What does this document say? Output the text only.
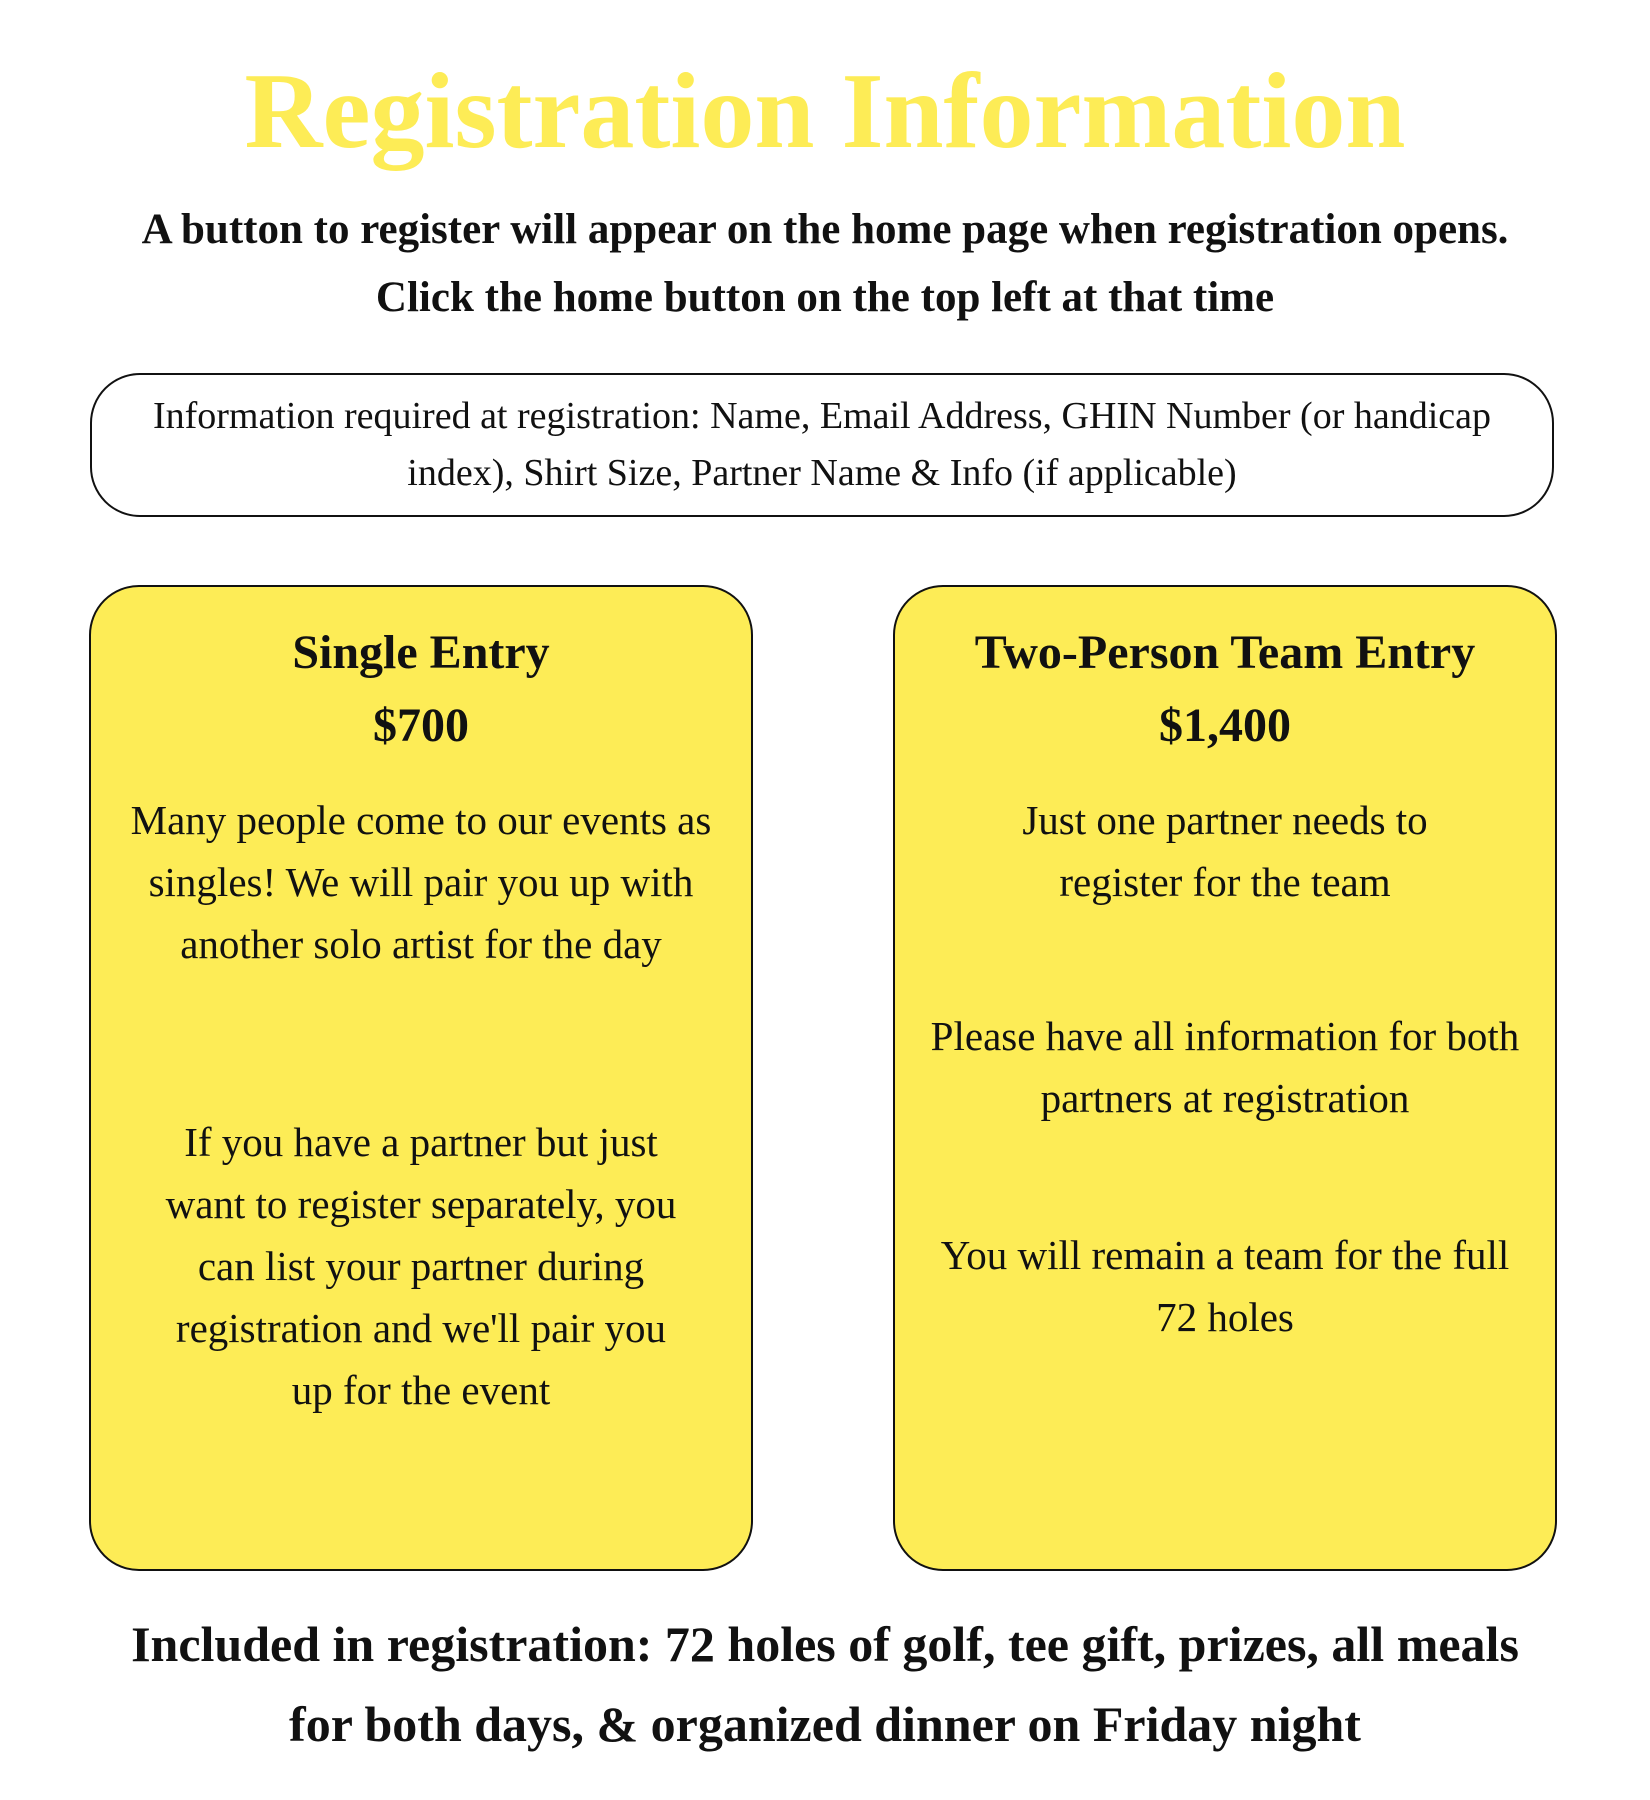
Registration Information
A button to register will appear on the home page when registration opens.
Click the home button on the top left at that time
Information required at registration: Name, Email Address, GHIN Number (or handicap index), Shirt Size, Partner Name & Info (if applicable)
Single Entry
$700
Many people come to our events as singles! We will pair you up with another solo artist for the day
If you have a partner but just want to register separately, you can list your partner during registration and we'll pair you up for the event
Two-Person Team Entry
$1,400
Just one partner needs to register for the team
Please have all information for both partners at registration
You will remain a team for the full 72 holes
Included in registration: 72 holes of golf, tee gift, prizes, all meals
for both days, & organized dinner on Friday night
